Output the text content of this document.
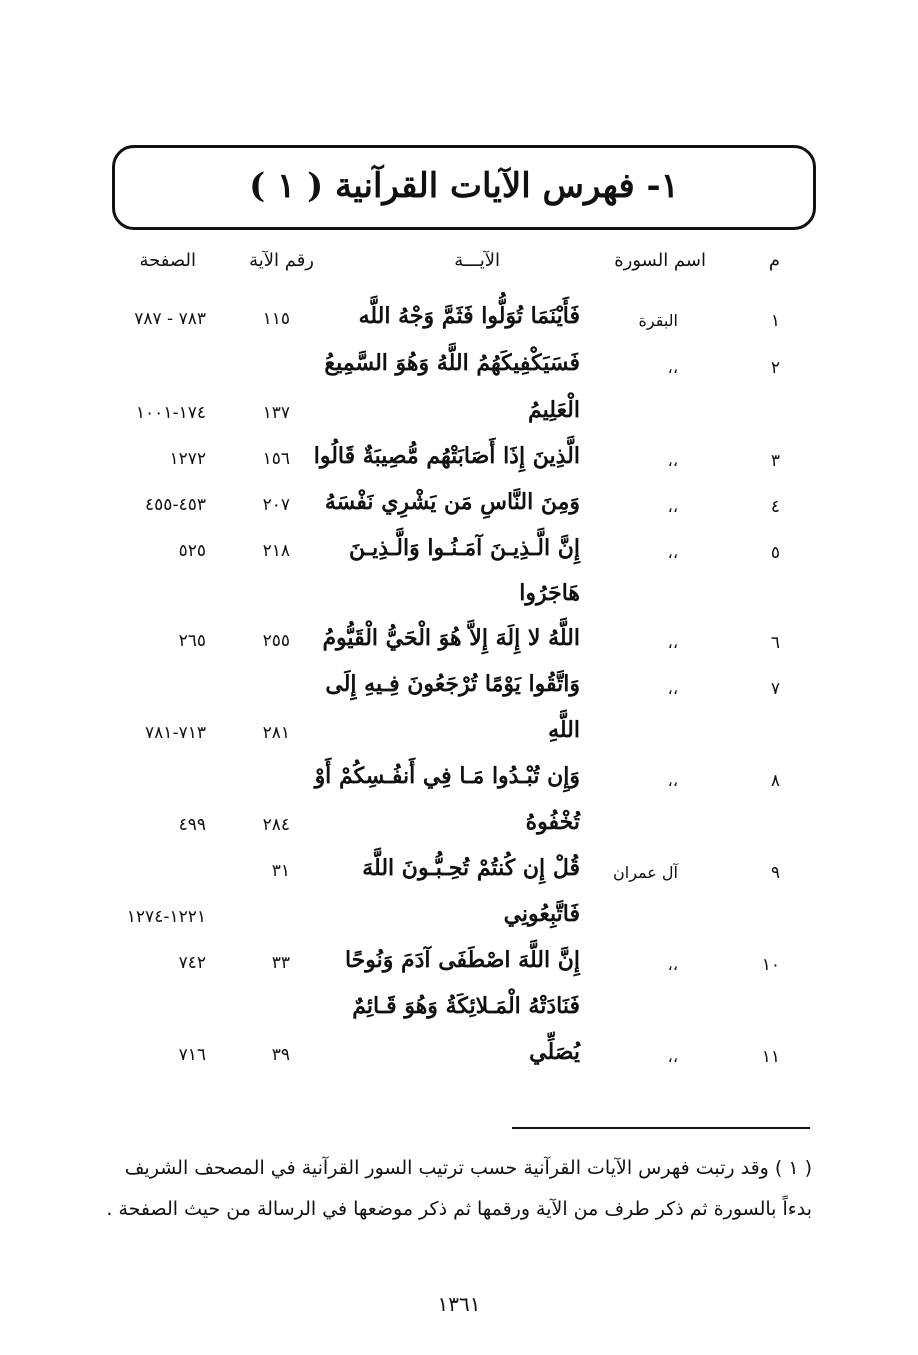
١- فهرس الآيات القرآنية ( ١ )
م
اسم السورة
الآيـــة
رقم الآية
الصفحة
١
البقرة
فَأَيْنَمَا تُوَلُّوا فَثَمَّ وَجْهُ اللَّه
١١٥
٧٨٣ - ٧٨٧
٢
،،
فَسَيَكْفِيكَهُمُ اللَّهُ وَهُوَ السَّمِيعُ
الْعَلِيمُ
١٣٧
١٧٤-١٠٠١
٣
،،
الَّذِينَ إِذَا أَصَابَتْهُم مُّصِيبَةٌ قَالُوا
١٥٦
١٢٧٢
٤
،،
وَمِنَ النَّاسِ مَن يَشْرِي نَفْسَهُ
٢٠٧
٤٥٣-٤٥٥
٥
،،
إِنَّ الَّـذِيـنَ آمَـنُـوا وَالَّـذِيـنَ
٢١٨
٥٢٥
هَاجَرُوا
٦
،،
اللَّهُ لا إِلَهَ إِلاَّ هُوَ الْحَيُّ الْقَيُّومُ
٢٥٥
٢٦٥
٧
،،
وَاتَّقُوا يَوْمًا تُرْجَعُونَ فِـيهِ إِلَى
اللَّهِ
٢٨١
٧١٣-٧٨١
٨
،،
وَإِن تُبْـدُوا مَـا فِي أَنفُـسِكُمْ أَوْ
تُخْفُوهُ
٢٨٤
٤٩٩
٩
آل عمران
قُلْ إِن كُنتُمْ تُحِـبُّـونَ اللَّهَ
٣١
فَاتَّبِعُونِي
١٢٢١-١٢٧٤
١٠
،،
إِنَّ اللَّهَ اصْطَفَى آدَمَ وَنُوحًا
٣٣
٧٤٢
فَنَادَتْهُ الْمَـلائِكَةُ وَهُوَ قَـائِمٌ
١١
،،
يُصَلِّي
٣٩
٧١٦
( ١ ) وقد رتبت فهرس الآيات القرآنية حسب ترتيب السور القرآنية في المصحف الشريف بدءاً بالسورة ثم ذكر طرف من الآية ورقمها ثم ذكر موضعها في الرسالة من حيث الصفحة .
١٣٦١
